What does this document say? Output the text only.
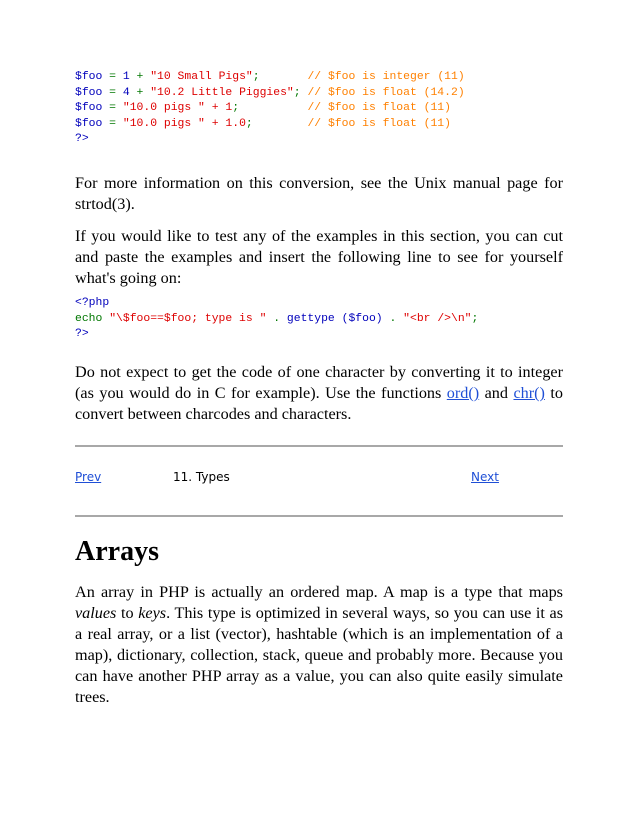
$foo = 1 + "10 Small Pigs";       // $foo is integer (11)
$foo = 4 + "10.2 Little Piggies"; // $foo is float (14.2)
$foo = "10.0 pigs " + 1;          // $foo is float (11)
$foo = "10.0 pigs " + 1.0;        // $foo is float (11)
?>

For more information on this conversion, see the Unix manual page for strtod(3).

If you would like to test any of the examples in this section, you can cut and paste the examples and insert the following line to see for yourself what's going on:

<?php
echo "\$foo==$foo; type is " . gettype ($foo) . "<br />\n";
?>

Do not expect to get the code of one character by converting it to integer (as you would do in C for example). Use the functions ord() and chr() to convert between charcodes and characters.

Prev	11. Types	Next
Arrays

An array in PHP is actually an ordered map. A map is a type that maps values to keys. This type is optimized in several ways, so you can use it as a real array, or a list (vector), hashtable (which is an implementation of a map), dictionary, collection, stack, queue and probably more. Because you can have another PHP array as a value, you can also quite easily simulate trees.
